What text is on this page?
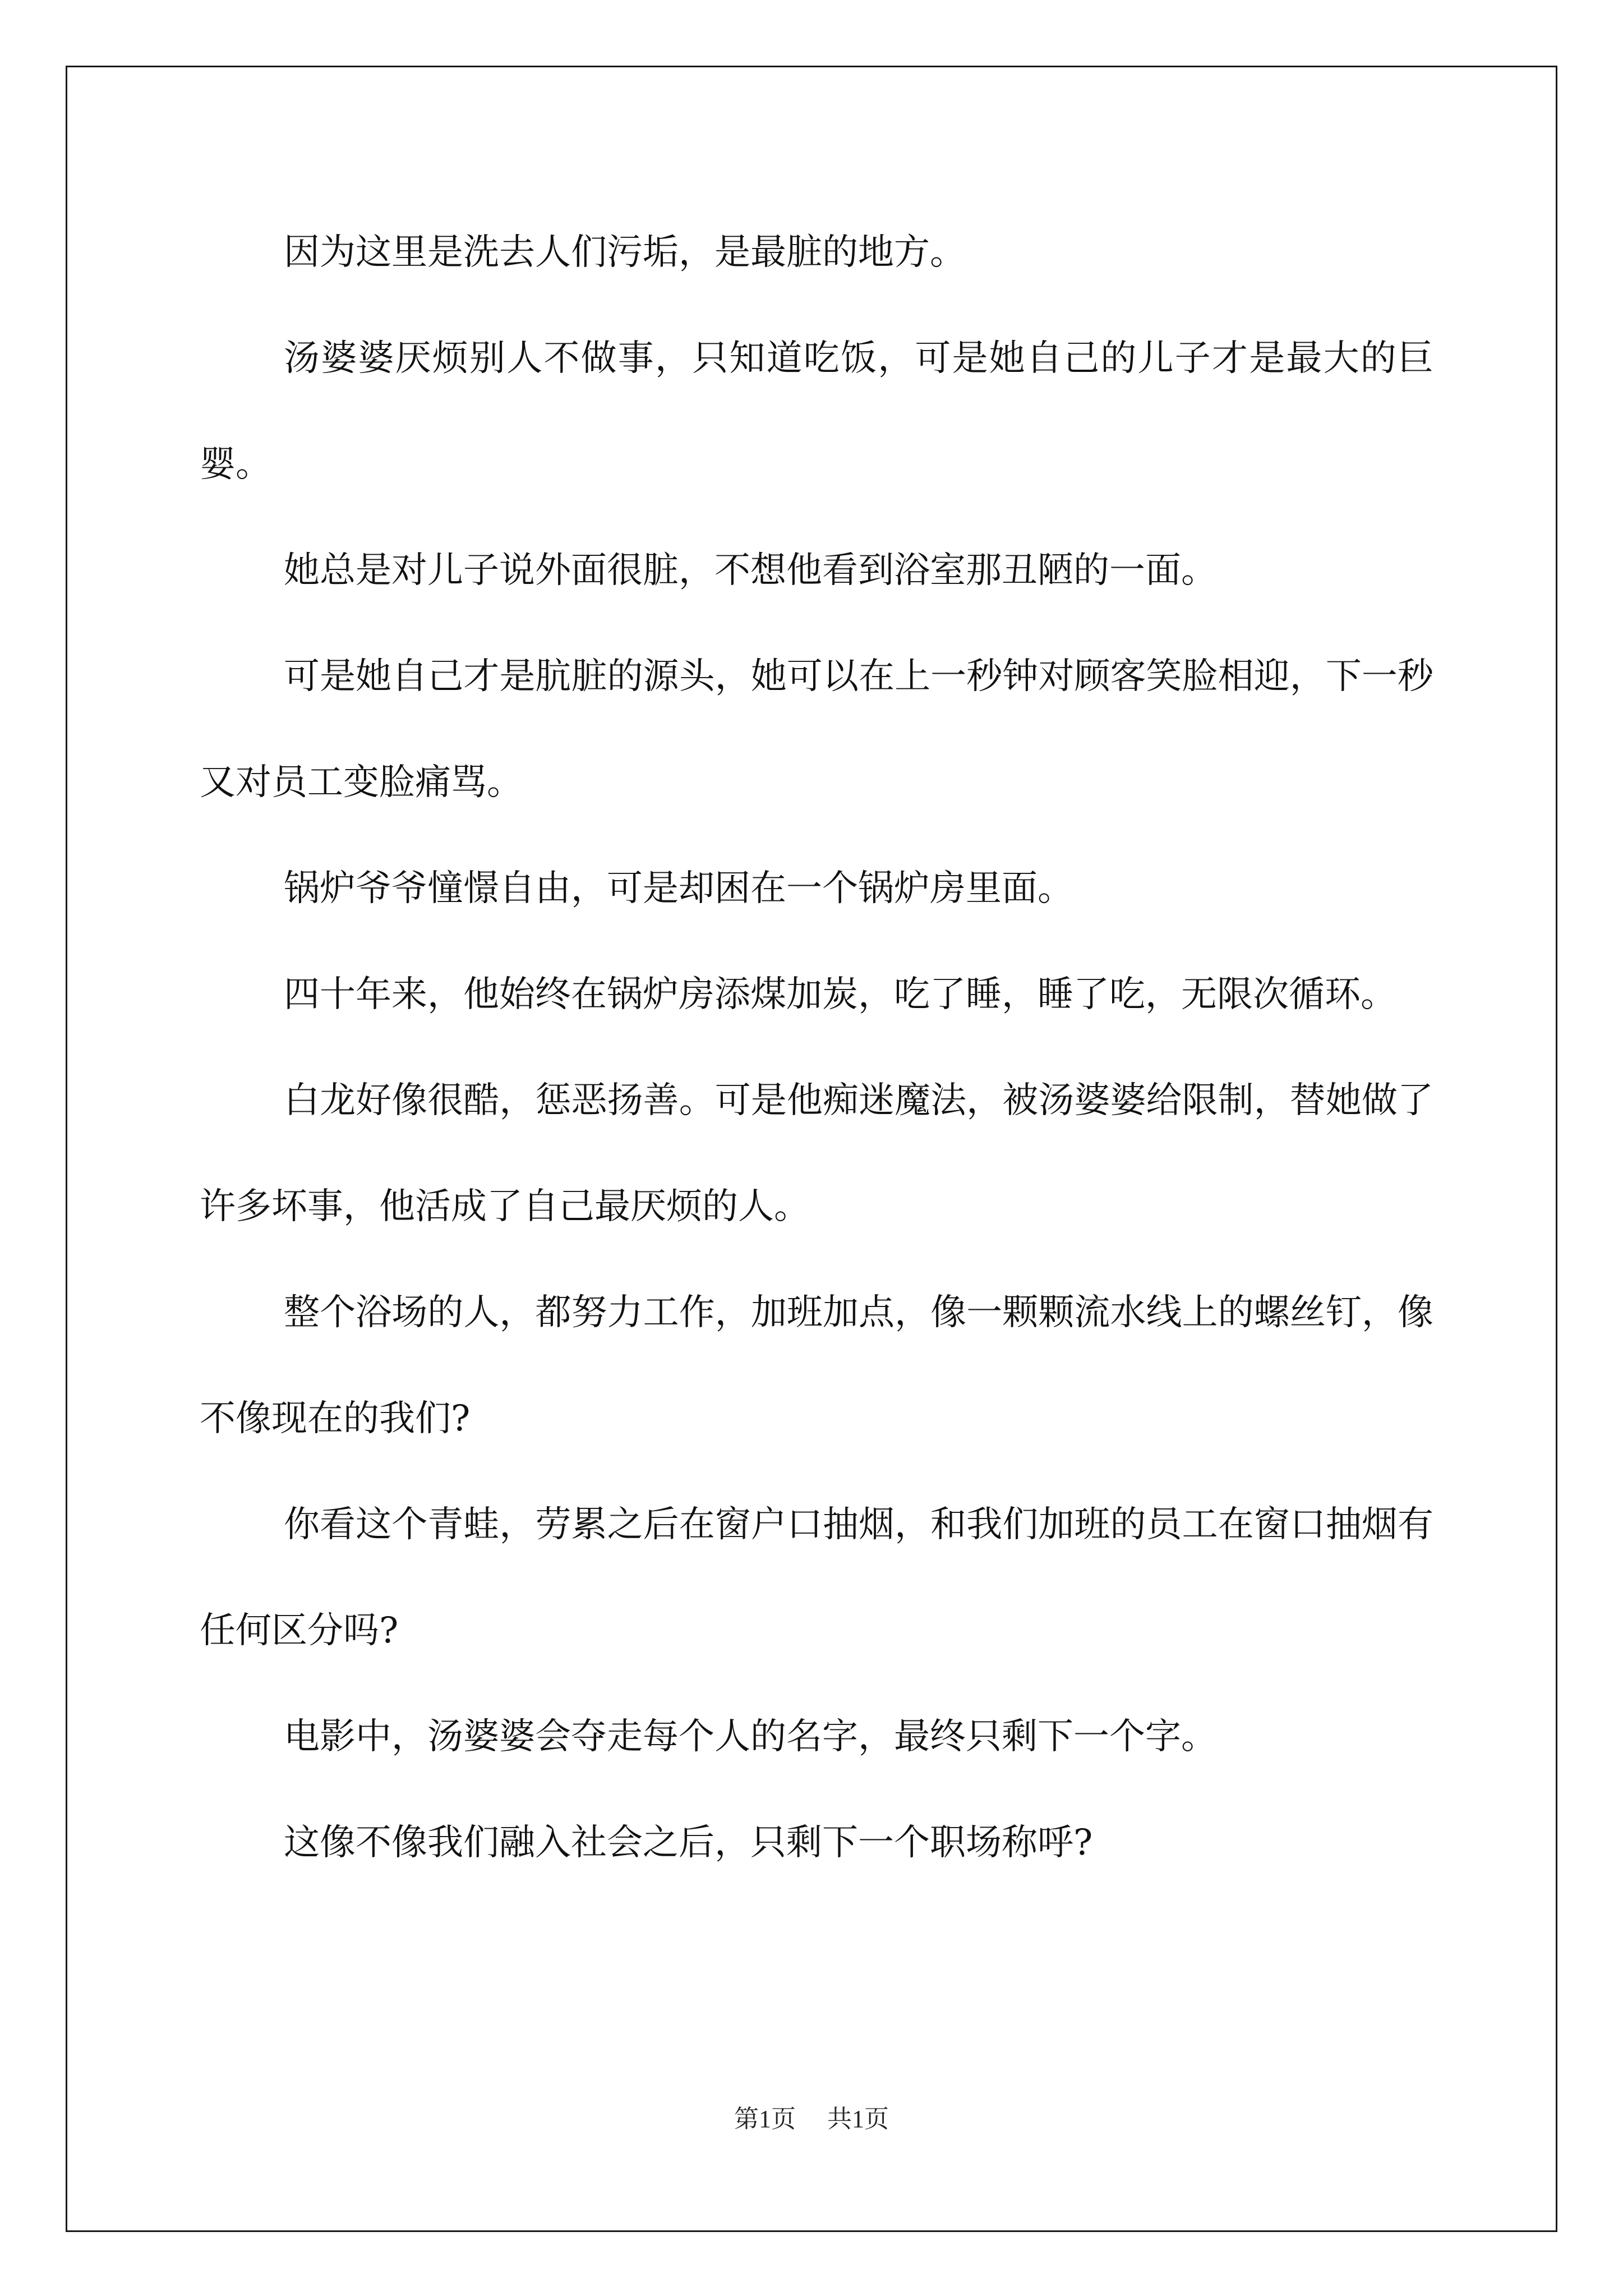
因为这里是洗去人们污垢，是最脏的地方。

汤婆婆厌烦别人不做事，只知道吃饭，可是她自己的儿子才是最大的巨婴。

她总是对儿子说外面很脏，不想他看到浴室那丑陋的一面。

可是她自己才是肮脏的源头，她可以在上一秒钟对顾客笑脸相迎，下一秒又对员工变脸痛骂。

锅炉爷爷憧憬自由，可是却困在一个锅炉房里面。

四十年来，他始终在锅炉房添煤加炭，吃了睡，睡了吃，无限次循环。

白龙好像很酷，惩恶扬善。可是他痴迷魔法，被汤婆婆给限制，替她做了许多坏事，他活成了自己最厌烦的人。

整个浴场的人，都努力工作，加班加点，像一颗颗流水线上的螺丝钉，像不像现在的我们?

你看这个青蛙，劳累之后在窗户口抽烟，和我们加班的员工在窗口抽烟有任何区分吗?

电影中，汤婆婆会夺走每个人的名字，最终只剩下一个字。

这像不像我们融入社会之后，只剩下一个职场称呼?

第1页 共1页
